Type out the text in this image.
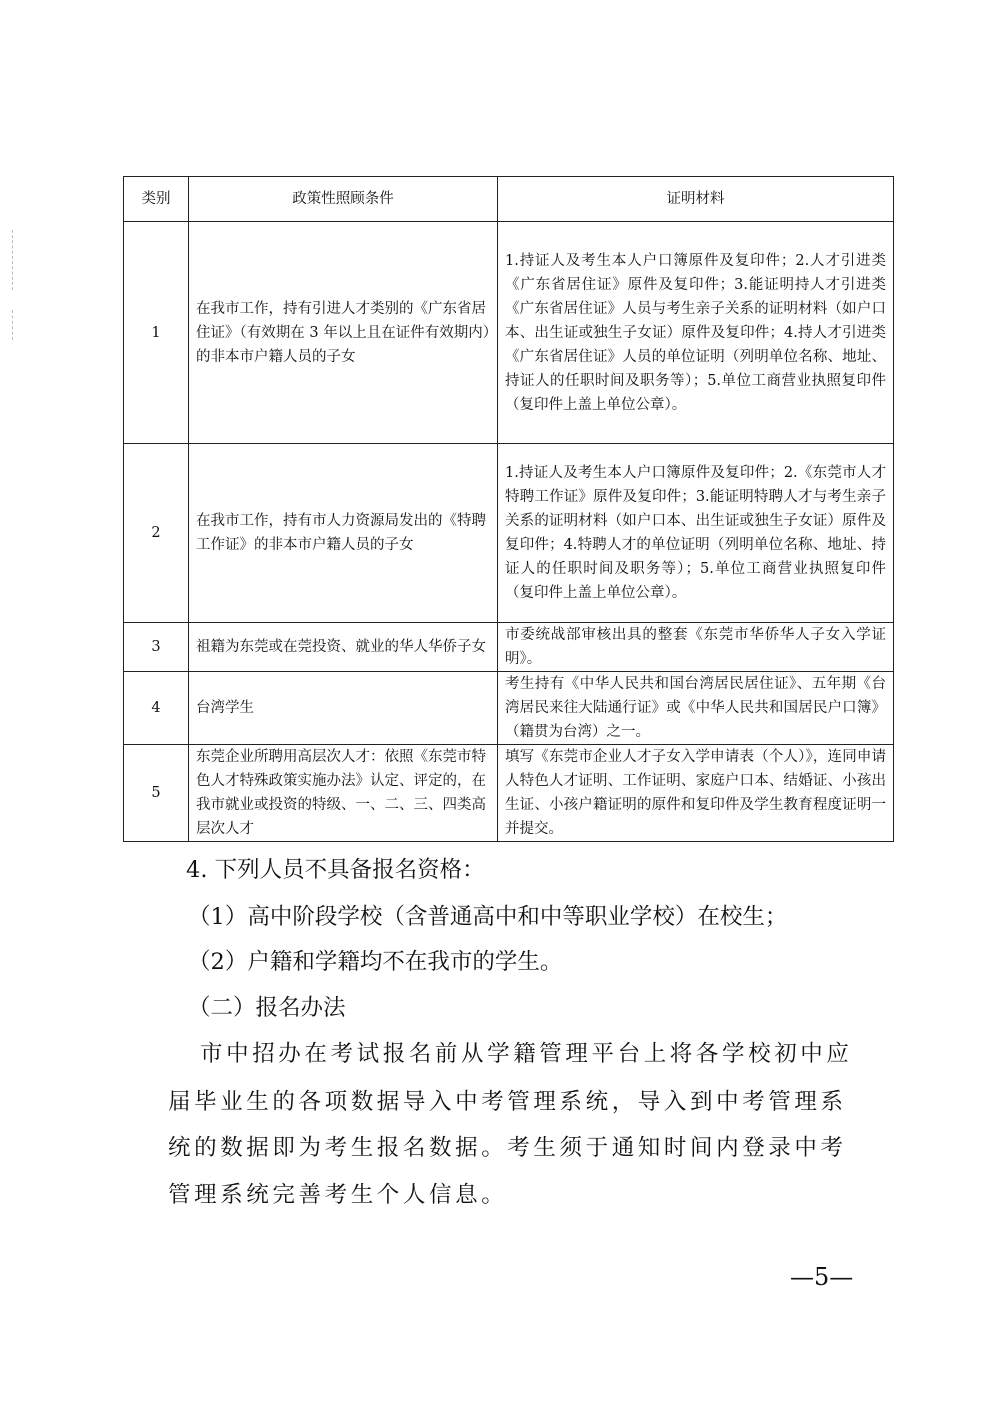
类别	政策性照顾条件	证明材料
1	在我市工作，持有引进人才类别的《广东省居住证》（有效期在 3 年以上且在证件有效期内）的非本市户籍人员的子女	1.持证人及考生本人户口簿原件及复印件；2.人才引进类《广东省居住证》原件及复印件；3.能证明持人才引进类《广东省居住证》人员与考生亲子关系的证明材料（如户口本、出生证或独生子女证）原件及复印件；4.持人才引进类《广东省居住证》人员的单位证明（列明单位名称、地址、持证人的任职时间及职务等）；5.单位工商营业执照复印件（复印件上盖上单位公章）。
2	在我市工作，持有市人力资源局发出的《特聘工作证》的非本市户籍人员的子女	1.持证人及考生本人户口簿原件及复印件；2.《东莞市人才特聘工作证》原件及复印件；3.能证明特聘人才与考生亲子关系的证明材料（如户口本、出生证或独生子女证）原件及复印件；4.特聘人才的单位证明（列明单位名称、地址、持证人的任职时间及职务等）；5.单位工商营业执照复印件（复印件上盖上单位公章）。
3	祖籍为东莞或在莞投资、就业的华人华侨子女	市委统战部审核出具的整套《东莞市华侨华人子女入学证明》。
4	台湾学生	考生持有《中华人民共和国台湾居民居住证》、五年期《台湾居民来往大陆通行证》或《中华人民共和国居民户口簿》（籍贯为台湾）之一。
5	东莞企业所聘用高层次人才：依照《东莞市特色人才特殊政策实施办法》认定、评定的，在我市就业或投资的特级、一、二、三、四类高层次人才	填写《东莞市企业人才子女入学申请表（个人）》，连同申请人特色人才证明、工作证明、家庭户口本、结婚证、小孩出生证、小孩户籍证明的原件和复印件及学生教育程度证明一并提交。
4. 下列人员不具备报名资格：
（1）高中阶段学校（含普通高中和中等职业学校）在校生；
（2）户籍和学籍均不在我市的学生。
（二）报名办法
市中招办在考试报名前从学籍管理平台上将各学校初中应
届毕业生的各项数据导入中考管理系统，导入到中考管理系
统的数据即为考生报名数据。考生须于通知时间内登录中考
管理系统完善考生个人信息。
—5—
